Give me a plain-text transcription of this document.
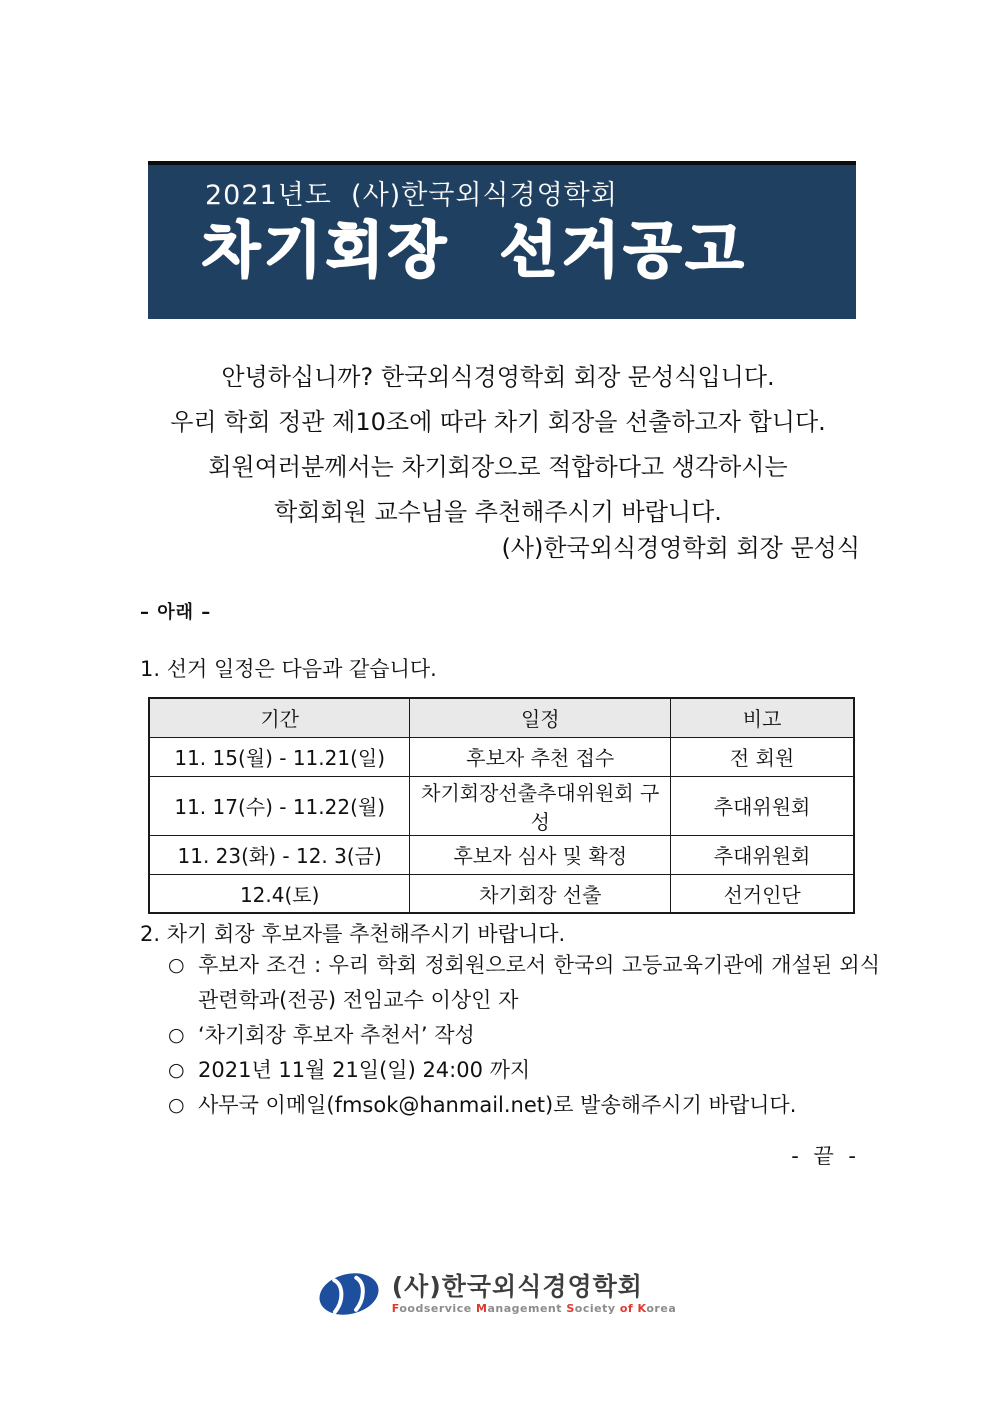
2021년도  (사)한국외식경영학회
차기회장  선거공고
안녕하십니까? 한국외식경영학회 회장 문성식입니다.
우리 학회 정관 제10조에 따라 차기 회장을 선출하고자 합니다.
회원여러분께서는 차기회장으로 적합하다고 생각하시는
학회회원 교수님을 추천해주시기 바랍니다.
(사)한국외식경영학회 회장 문성식
– 아래 –
1. 선거 일정은 다음과 같습니다.
기간	일정	비고
11. 15(월) - 11.21(일)	후보자 추천 접수	전 회원
11. 17(수) - 11.22(월)	차기회장선출추대위원회 구성	추대위원회
11. 23(화) - 12. 3(금)	후보자 심사 및 확정	추대위원회
12.4(토)	차기회장 선출	선거인단
2. 차기 회장 후보자를 추천해주시기 바랍니다.
○ 후보자 조건 : 우리 학회 정회원으로서 한국의 고등교육기관에 개설된 외식관련학과(전공) 전임교수 이상인 자
○ ‘차기회장 후보자 추천서’ 작성
○ 2021년 11월 21일(일) 24:00 까지
○ 사무국 이메일(fmsok@hanmail.net)로 발송해주시기 바랍니다.
- 끝 -
(사)한국외식경영학회
Foodservice Management Society of Korea
